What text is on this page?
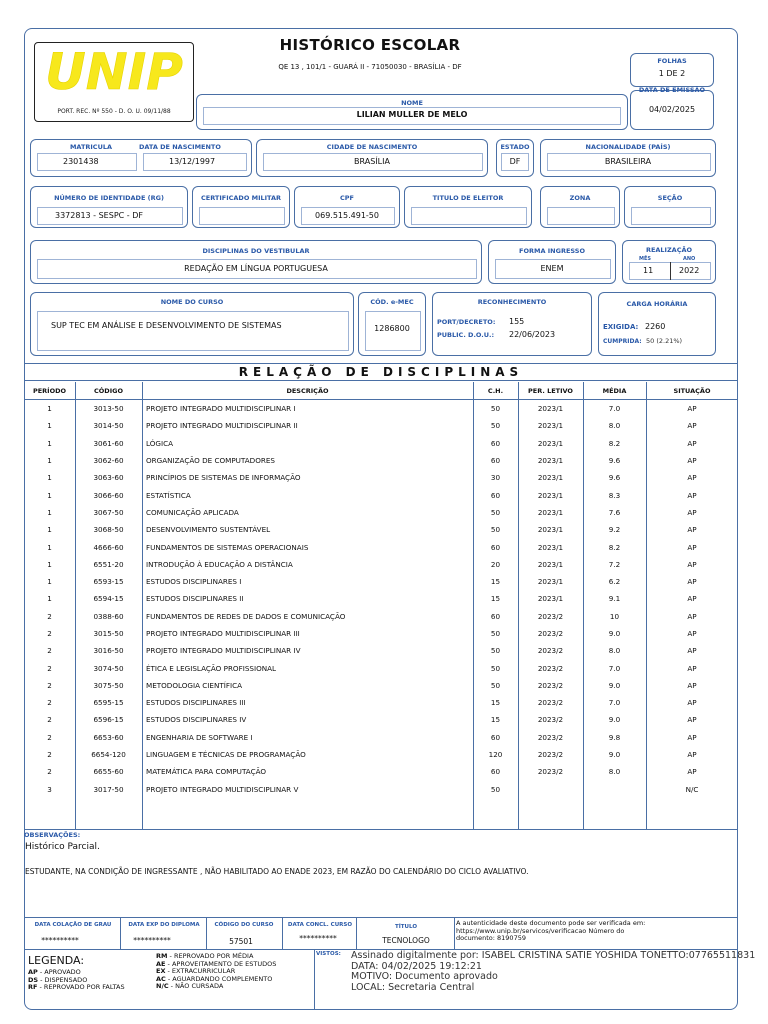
UNIP
PORT. REC. Nº 550 - D. O. U. 09/11/88
HISTÓRICO ESCOLAR
QE 13 , 101/1 - GUARÁ II - 71050030 - BRASÍLIA - DF
FOLHAS
1 DE 2
DATA DE EMISSÃO
04/02/2025
NOME
LILIAN MULLER DE MELO
MATRICULA	DATA DE NASCIMENTO
2301438	13/12/1997
CIDADE DE NASCIMENTO
BRASÍLIA
ESTADO
DF
NACIONALIDADE (PAÍS)
BRASILEIRA
NÚMERO DE IDENTIDADE (RG)
3372813 - SESPC - DF
CERTIFICADO MILITAR	CPF
069.515.491-50
TITULO DE ELEITOR	ZONA	SEÇÃO
DISCIPLINAS DO VESTIBULAR
REDAÇÃO EM LÍNGUA PORTUGUESA
FORMA INGRESSO
ENEM
REALIZAÇÃO
MÊS	ANO
11	2022
NOME DO CURSO
SUP TEC EM ANÁLISE E DESENVOLVIMENTO DE SISTEMAS
CÓD. e-MEC
1286800
RECONHECIMENTO
PORT/DECRETO: 155
PUBLIC. D.O.U.: 22/06/2023
CARGA HORÁRIA
EXIGIDA: 2260
CUMPRIDA: 50 (2.21%)
RELAÇÃO DE DISCIPLINAS
PERÍODO	CÓDIGO	DESCRIÇÃO	C.H.	PER. LETIVO	MÉDIA	SITUAÇÃO
1	3013-50	PROJETO INTEGRADO MULTIDISCIPLINAR I	50	2023/1	7.0	AP
1	3014-50	PROJETO INTEGRADO MULTIDISCIPLINAR II	50	2023/1	8.0	AP
1	3061-60	LÓGICA	60	2023/1	8.2	AP
1	3062-60	ORGANIZAÇÃO DE COMPUTADORES	60	2023/1	9.6	AP
1	3063-60	PRINCÍPIOS DE SISTEMAS DE INFORMAÇÃO	30	2023/1	9.6	AP
1	3066-60	ESTATÍSTICA	60	2023/1	8.3	AP
1	3067-50	COMUNICAÇÃO APLICADA	50	2023/1	7.6	AP
1	3068-50	DESENVOLVIMENTO SUSTENTÁVEL	50	2023/1	9.2	AP
1	4666-60	FUNDAMENTOS DE SISTEMAS OPERACIONAIS	60	2023/1	8.2	AP
1	6551-20	INTRODUÇÃO À EDUCAÇÃO A DISTÂNCIA	20	2023/1	7.2	AP
1	6593-15	ESTUDOS DISCIPLINARES I	15	2023/1	6.2	AP
1	6594-15	ESTUDOS DISCIPLINARES II	15	2023/1	9.1	AP
2	0388-60	FUNDAMENTOS DE REDES DE DADOS E COMUNICAÇÃO	60	2023/2	10	AP
2	3015-50	PROJETO INTEGRADO MULTIDISCIPLINAR III	50	2023/2	9.0	AP
2	3016-50	PROJETO INTEGRADO MULTIDISCIPLINAR IV	50	2023/2	8.0	AP
2	3074-50	ÉTICA E LEGISLAÇÃO PROFISSIONAL	50	2023/2	7.0	AP
2	3075-50	METODOLOGIA CIENTÍFICA	50	2023/2	9.0	AP
2	6595-15	ESTUDOS DISCIPLINARES III	15	2023/2	7.0	AP
2	6596-15	ESTUDOS DISCIPLINARES IV	15	2023/2	9.0	AP
2	6653-60	ENGENHARIA DE SOFTWARE I	60	2023/2	9.8	AP
2	6654-120	LINGUAGEM E TÉCNICAS DE PROGRAMAÇÃO	120	2023/2	9.0	AP
2	6655-60	MATEMÁTICA PARA COMPUTAÇÃO	60	2023/2	8.0	AP
3	3017-50	PROJETO INTEGRADO MULTIDISCIPLINAR V	50			N/C
OBSERVAÇÕES:
Histórico Parcial.
ESTUDANTE, NA CONDIÇÃO DE INGRESSANTE , NÃO HABILITADO AO ENADE 2023, EM RAZÃO DO CALENDÁRIO DO CICLO AVALIATIVO.
DATA COLAÇÃO DE GRAU
**********
DATA EXP DO DIPLOMA
**********
CÓDIGO DO CURSO
57501
DATA CONCL. CURSO
**********
TÍTULO
TECNOLOGO
A autenticidade deste documento pode ser verificada em:
https://www.unip.br/servicos/verificacao Número do
documento: 8190759
LEGENDA:
AP - APROVADO
DS - DISPENSADO
RF - REPROVADO POR FALTAS
RM - REPROVADO POR MÉDIA
AE - APROVEITAMENTO DE ESTUDOS
EX - EXTRACURRICULAR
AC - AGUARDANDO COMPLEMENTO
N/C - NÃO CURSADA
VISTOS: Assinado digitalmente por: ISABEL CRISTINA SATIE YOSHIDA TONETTO:07765511831
DATA: 04/02/2025 19:12:21
MOTIVO: Documento aprovado
LOCAL: Secretaria Central
